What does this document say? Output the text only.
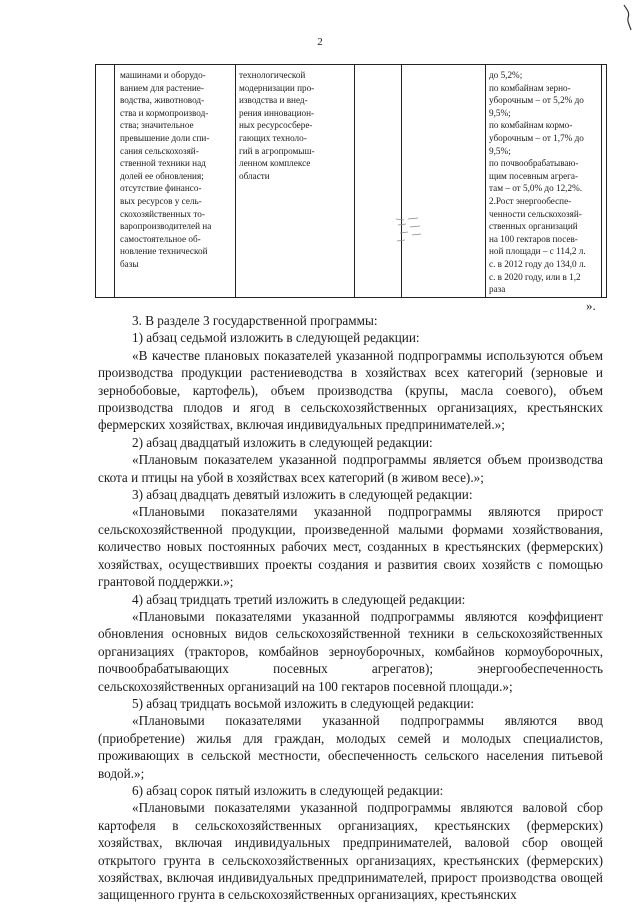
2
машинами и оборудо-
ванием для растение-
водства, животновод-
ства и кормопроизвод-
ства; значительное
превышение доли спи-
сания сельскохозяй-
ственной техники над
долей ее обновления;
отсутствие финансо-
вых ресурсов у сель-
скохозяйственных то-
варопроизводителей на
самостоятельное об-
новление технической
базы
технологической
модернизации про-
изводства и внед-
рения инновацион-
ных ресурсосбере-
гающих техноло-
гий в агропромыш-
ленном комплексе
области
до 5,2%;
по комбайнам зерно-
уборочным – от 5,2% до
9,5%;
по комбайнам кормо-
уборочным – от 1,7% до
9,5%;
по почвообрабатываю-
щим посевным агрега-
там – от 5,0% до 12,2%.
2.Рост энергообеспе-
ченности сельскохозяй-
ственных организаций
на 100 гектаров посев-
ной площади – с 114,2 л.
с. в 2012 году до 134,0 л.
с. в 2020 году, или в 1,2
раза
».

3. В разделе 3 государственной программы:

1) абзац седьмой изложить в следующей редакции:

«В качестве плановых показателей указанной подпрограммы используются объем производства продукции растениеводства в хозяйствах всех категорий (зерновые и зернобобовые, картофель), объем производства (крупы, масла соевого), объем производства плодов и ягод в сельскохозяйственных организациях, крестьянских фермерских хозяйствах, включая индивидуальных предпринимателей.»;

2) абзац двадцатый изложить в следующей редакции:

«Плановым показателем указанной подпрограммы является объем производства скота и птицы на убой в хозяйствах всех категорий (в живом весе).»;

3) абзац двадцать девятый изложить в следующей редакции:

«Плановыми показателями указанной подпрограммы являются прирост сельскохозяйственной продукции, произведенной малыми формами хозяйствования, количество новых постоянных рабочих мест, созданных в крестьянских (фермерских) хозяйствах, осуществивших проекты создания и развития своих хозяйств с помощью грантовой поддержки.»;

4) абзац тридцать третий изложить в следующей редакции:

«Плановыми показателями указанной подпрограммы являются коэффициент обновления основных видов сельскохозяйственной техники в сельскохозяйственных организациях (тракторов, комбайнов зерноуборочных, комбайнов кормоуборочных, почвообрабатывающих посевных агрегатов); энергообеспеченность сельскохозяйственных организаций на 100 гектаров посевной площади.»;

5) абзац тридцать восьмой изложить в следующей редакции:

«Плановыми показателями указанной подпрограммы являются ввод (приобретение) жилья для граждан, молодых семей и молодых специалистов, проживающих в сельской местности, обеспеченность сельского населения питьевой водой.»;

6) абзац сорок пятый изложить в следующей редакции:

«Плановыми показателями указанной подпрограммы являются валовой сбор картофеля в сельскохозяйственных организациях, крестьянских (фермерских) хозяйствах, включая индивидуальных предпринимателей, валовой сбор овощей открытого грунта в сельскохозяйственных организациях, крестьянских (фермерских) хозяйствах, включая индивидуальных предпринимателей, прирост производства овощей защищенного грунта в сельскохозяйственных организациях, крестьянских
